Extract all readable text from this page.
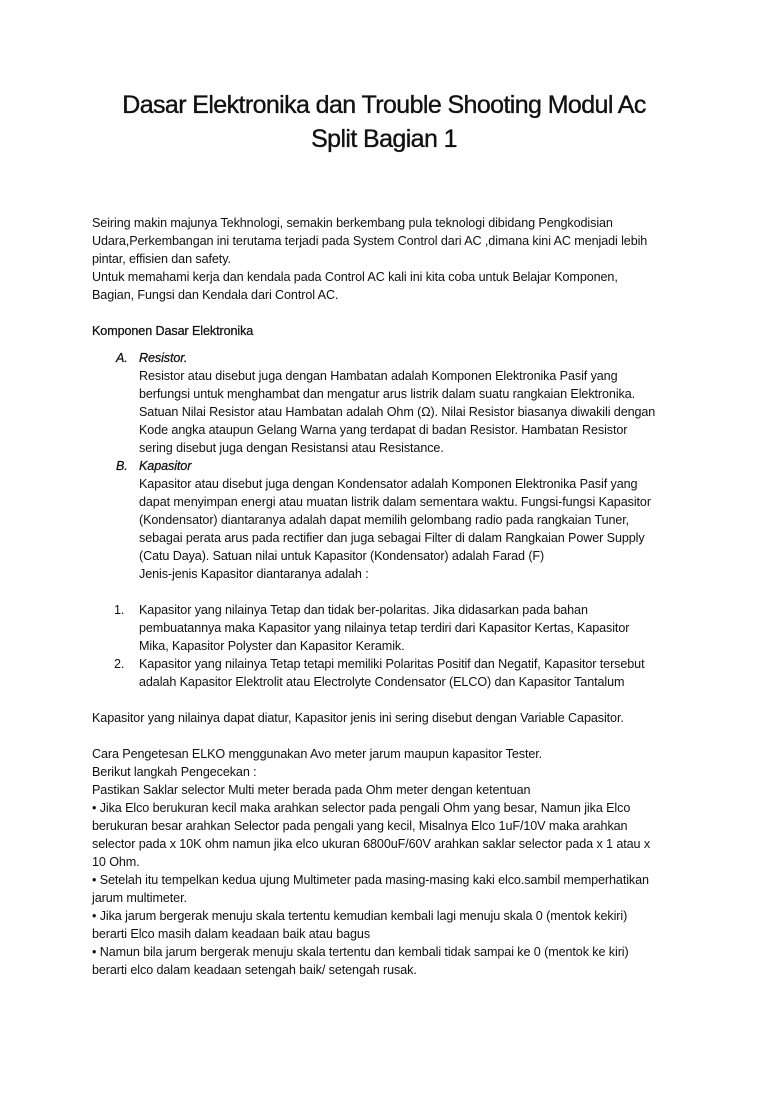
Dasar Elektronika dan Trouble Shooting Modul Ac
Split Bagian 1
Seiring makin majunya Tekhnologi, semakin berkembang pula teknologi dibidang Pengkodisian
Udara,Perkembangan ini terutama terjadi pada System Control dari AC ,dimana kini AC menjadi lebih
pintar, effisien dan safety.
Untuk memahami kerja dan kendala pada Control AC kali ini kita coba untuk Belajar Komponen,
Bagian, Fungsi dan Kendala dari Control AC.
Komponen Dasar Elektronika
A. Resistor.
Resistor atau disebut juga dengan Hambatan adalah Komponen Elektronika Pasif yang
berfungsi untuk menghambat dan mengatur arus listrik dalam suatu rangkaian Elektronika.
Satuan Nilai Resistor atau Hambatan adalah Ohm (Ω). Nilai Resistor biasanya diwakili dengan
Kode angka ataupun Gelang Warna yang terdapat di badan Resistor. Hambatan Resistor
sering disebut juga dengan Resistansi atau Resistance.
B. Kapasitor
Kapasitor atau disebut juga dengan Kondensator adalah Komponen Elektronika Pasif yang
dapat menyimpan energi atau muatan listrik dalam sementara waktu. Fungsi-fungsi Kapasitor
(Kondensator) diantaranya adalah dapat memilih gelombang radio pada rangkaian Tuner,
sebagai perata arus pada rectifier dan juga sebagai Filter di dalam Rangkaian Power Supply
(Catu Daya). Satuan nilai untuk Kapasitor (Kondensator) adalah Farad (F)
Jenis-jenis Kapasitor diantaranya adalah :
1. Kapasitor yang nilainya Tetap dan tidak ber-polaritas. Jika didasarkan pada bahan
pembuatannya maka Kapasitor yang nilainya tetap terdiri dari Kapasitor Kertas, Kapasitor
Mika, Kapasitor Polyster dan Kapasitor Keramik.
2. Kapasitor yang nilainya Tetap tetapi memiliki Polaritas Positif dan Negatif, Kapasitor tersebut
adalah Kapasitor Elektrolit atau Electrolyte Condensator (ELCO) dan Kapasitor Tantalum
Kapasitor yang nilainya dapat diatur, Kapasitor jenis ini sering disebut dengan Variable Capasitor.
Cara Pengetesan ELKO menggunakan Avo meter jarum maupun kapasitor Tester.
Berikut langkah Pengecekan :
Pastikan Saklar selector Multi meter berada pada Ohm meter dengan ketentuan
• Jika Elco berukuran kecil maka arahkan selector pada pengali Ohm yang besar, Namun jika Elco
berukuran besar arahkan Selector pada pengali yang kecil, Misalnya Elco 1uF/10V maka arahkan
selector pada x 10K ohm namun jika elco ukuran 6800uF/60V arahkan saklar selector pada x 1 atau x
10 Ohm.
• Setelah itu tempelkan kedua ujung Multimeter pada masing-masing kaki elco.sambil memperhatikan
jarum multimeter.
• Jika jarum bergerak menuju skala tertentu kemudian kembali lagi menuju skala 0 (mentok kekiri)
berarti Elco masih dalam keadaan baik atau bagus
• Namun bila jarum bergerak menuju skala tertentu dan kembali tidak sampai ke 0 (mentok ke kiri)
berarti elco dalam keadaan setengah baik/ setengah rusak.
